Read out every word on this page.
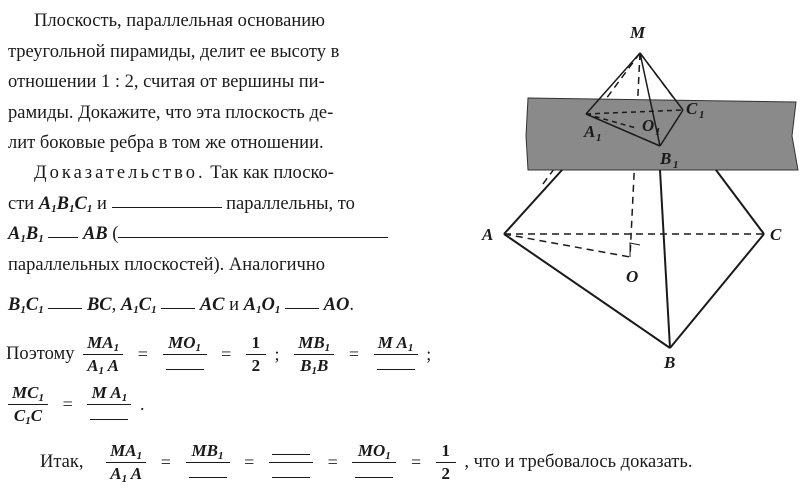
Плоскость, параллельная основанию
треугольной пирамиды, делит ее высоту в
отношении 1 : 2, считая от вершины пи-
рамиды. Докажите, что эта плоскость де-
лит боковые ребра в том же отношении.
Доказательство. Так как плоско-
сти $A_1B_1C_1$ и	параллельны, то
$A_1B_1$ AB (
параллельных плоскостей). Аналогично
$B_1C_1$ BC, $A_1C_1$ AC и $A_1O_1$ AO.
Поэтому $\frac{MA_1}{A_1 A}$ =
$MO_1$	= $\frac{1}{2}$ ; $\frac{MB_1}{B_1B}$ =
M $A_1$ ;
$\frac{MC_1}{C_1C}$ =
M $A_1$ .
Итак, $\frac{MA_1}{A_1 A}$ =
$MB_1$	=	=
$MO_1$	= $\frac{1}{2}$ , что и требовалось доказать.
M
A	C
B
O
A 1
O 1
C 1
B 1
